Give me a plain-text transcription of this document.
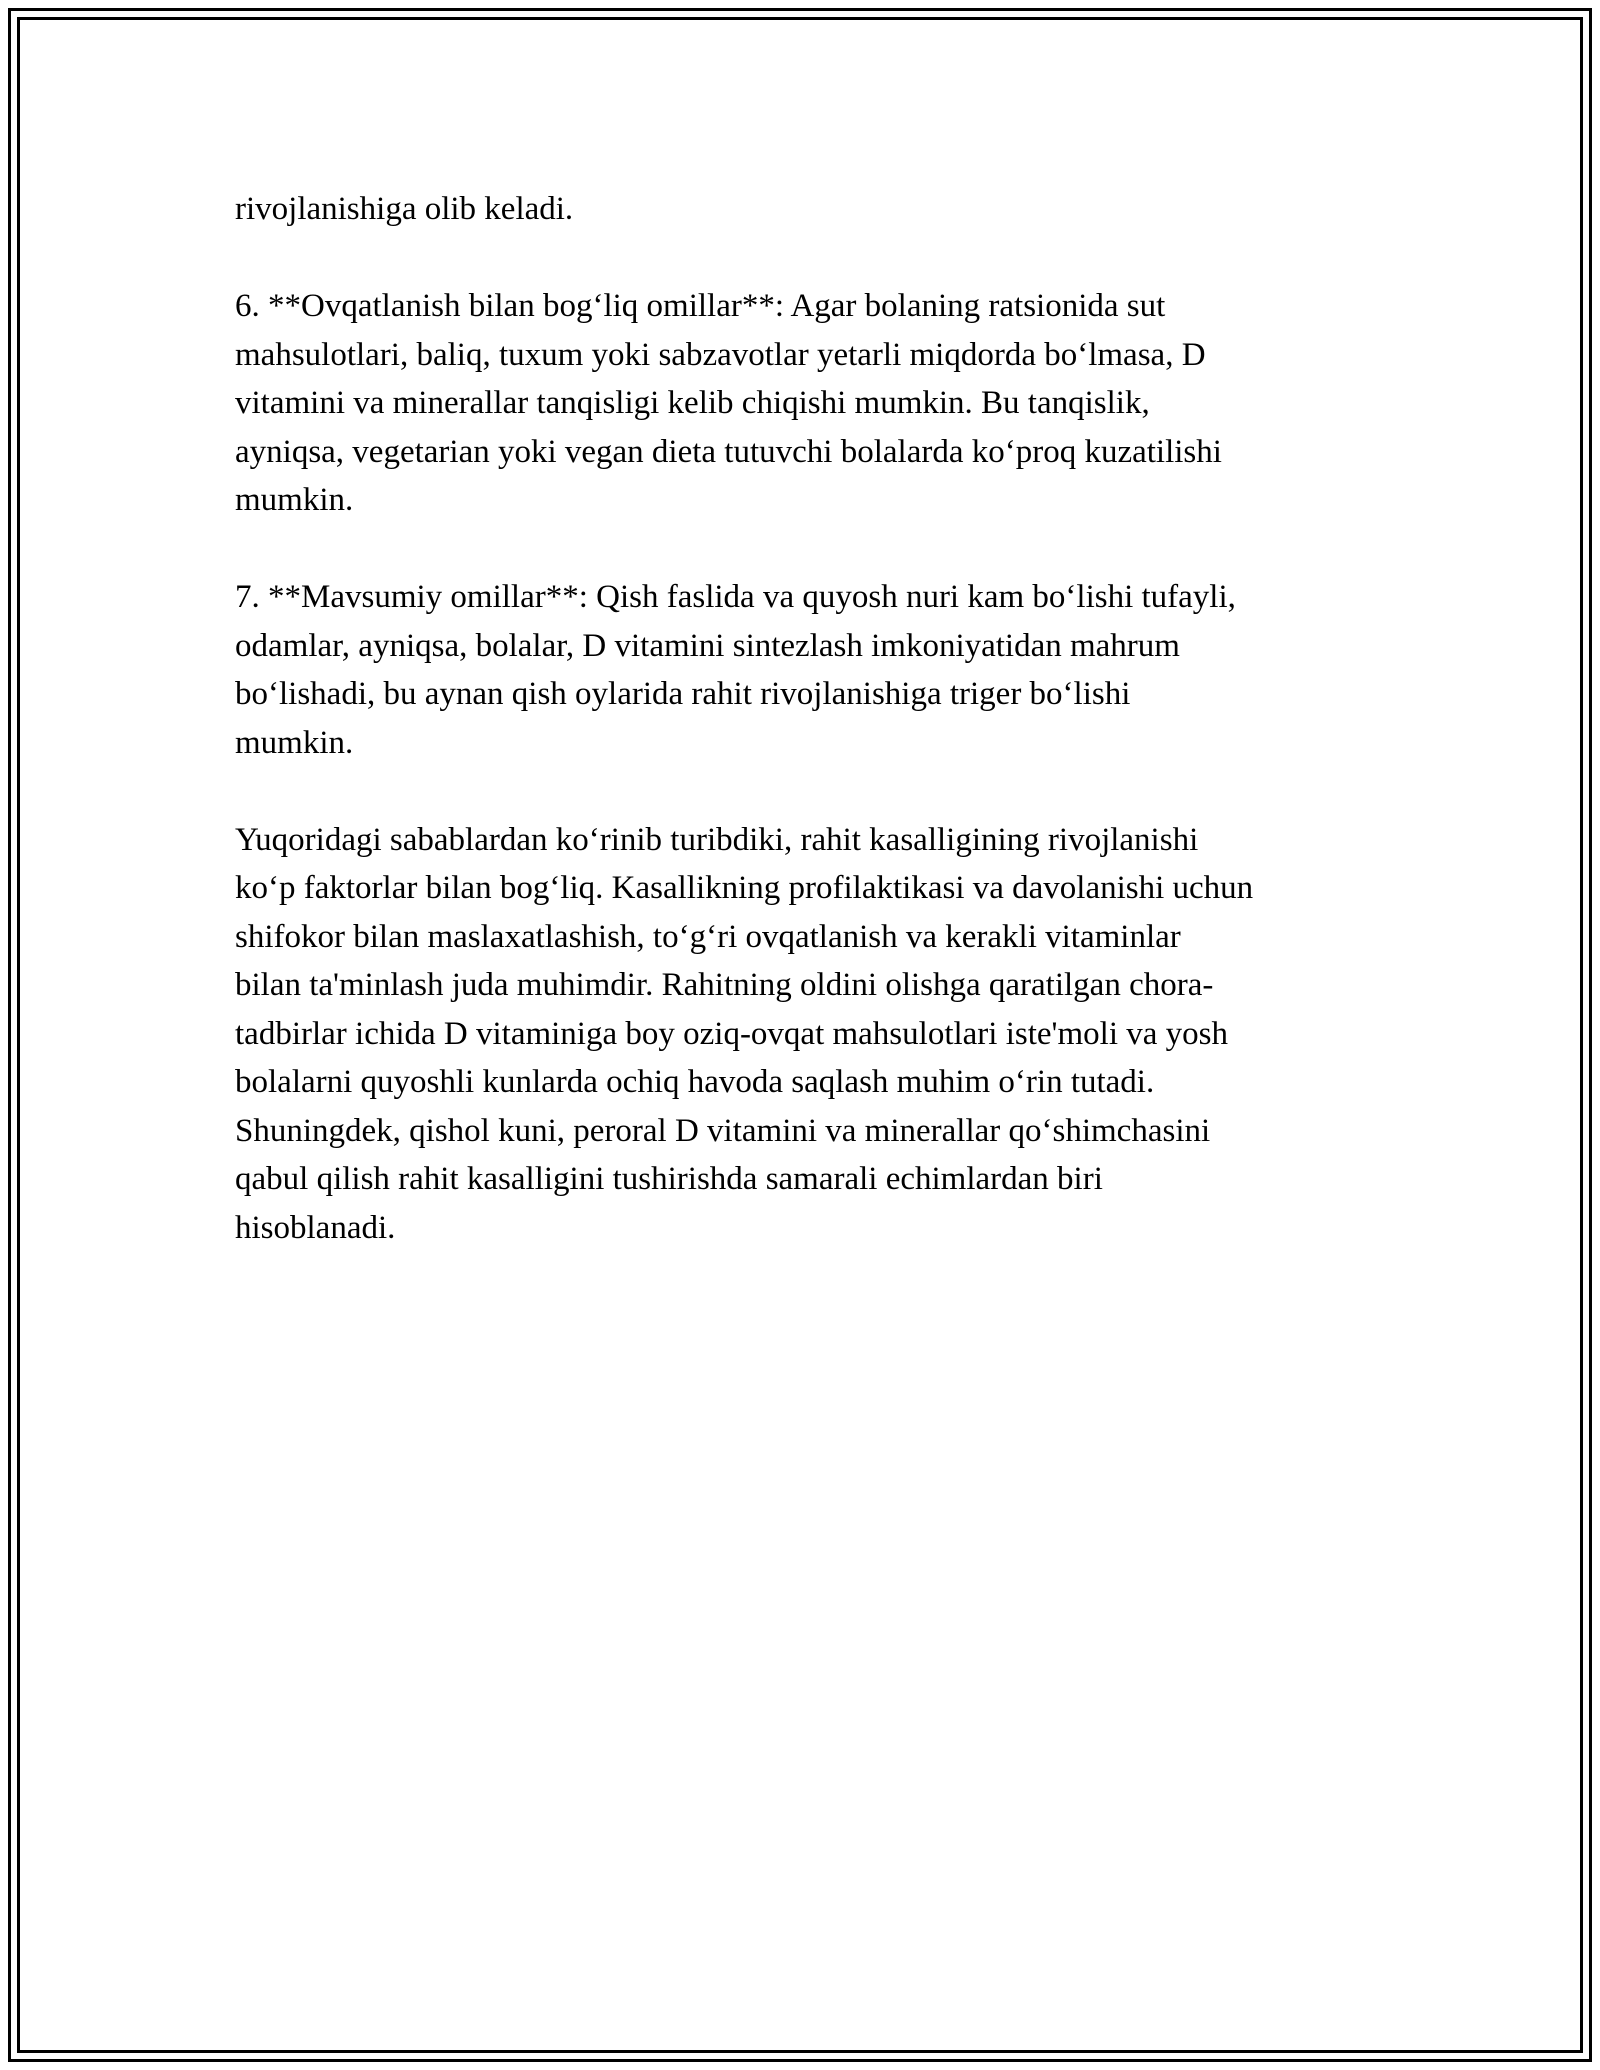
rivojlanishiga olib keladi.

6. **Ovqatlanish bilan bog‘liq omillar**: Agar bolaning ratsionida sut
mahsulotlari, baliq, tuxum yoki sabzavotlar yetarli miqdorda bo‘lmasa, D
vitamini va minerallar tanqisligi kelib chiqishi mumkin. Bu tanqislik,
ayniqsa, vegetarian yoki vegan dieta tutuvchi bolalarda ko‘proq kuzatilishi
mumkin.

7. **Mavsumiy omillar**: Qish faslida va quyosh nuri kam bo‘lishi tufayli,
odamlar, ayniqsa, bolalar, D vitamini sintezlash imkoniyatidan mahrum
bo‘lishadi, bu aynan qish oylarida rahit rivojlanishiga triger bo‘lishi
mumkin.

Yuqoridagi sabablardan ko‘rinib turibdiki, rahit kasalligining rivojlanishi
ko‘p faktorlar bilan bog‘liq. Kasallikning profilaktikasi va davolanishi uchun
shifokor bilan maslaxatlashish, to‘g‘ri ovqatlanish va kerakli vitaminlar
bilan ta'minlash juda muhimdir. Rahitning oldini olishga qaratilgan chora-
tadbirlar ichida D vitaminiga boy oziq-ovqat mahsulotlari iste'moli va yosh
bolalarni quyoshli kunlarda ochiq havoda saqlash muhim o‘rin tutadi.
Shuningdek, qishol kuni, peroral D vitamini va minerallar qo‘shimchasini
qabul qilish rahit kasalligini tushirishda samarali echimlardan biri
hisoblanadi.
